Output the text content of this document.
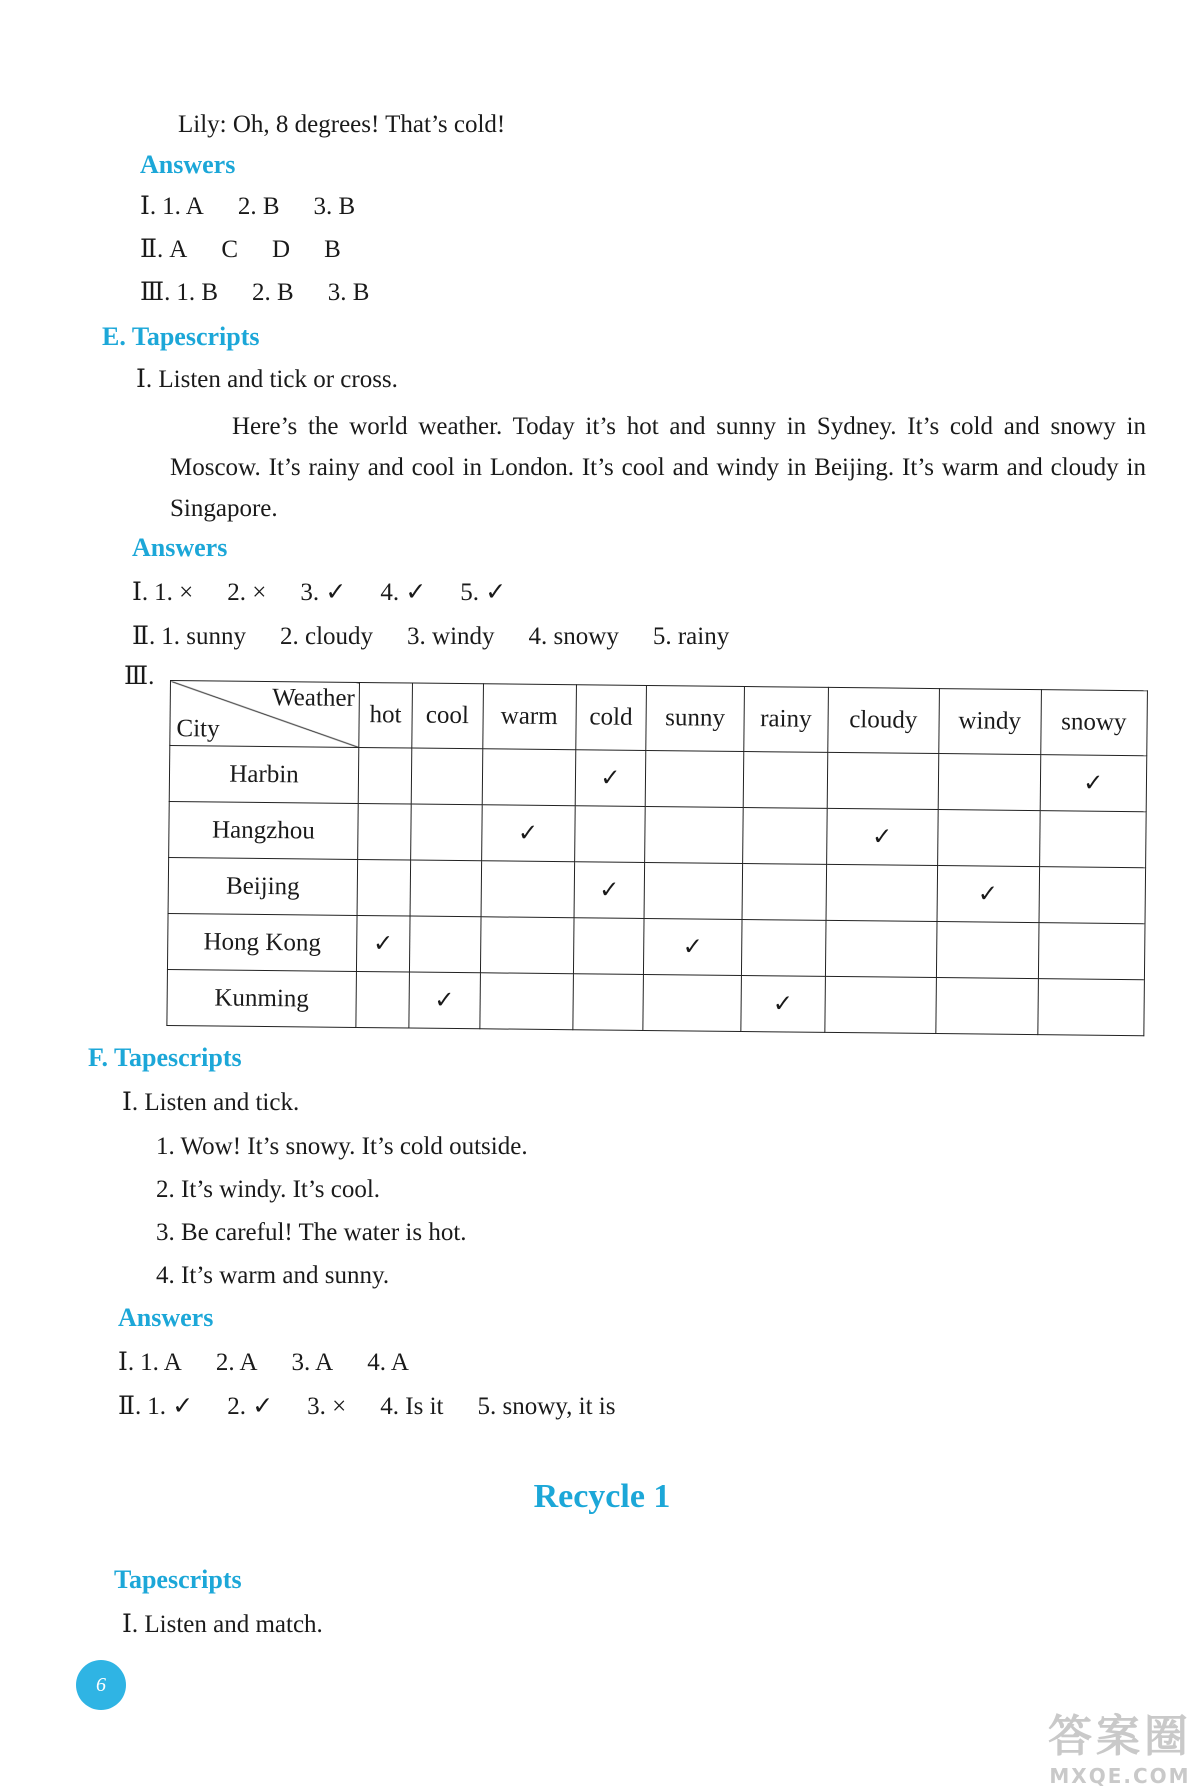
Lily: Oh, 8 degrees! That’s cold!
Answers
Ⅰ. 1. A 2. B 3. B
Ⅱ. A C D B
Ⅲ. 1. B 2. B 3. B
E. Tapescripts
Ⅰ. Listen and tick or cross.
Here’s the world weather. Today it’s hot and sunny in Sydney. It’s cold and snowy in Moscow. It’s rainy and cool in London. It’s cool and windy in Beijing. It’s warm and cloudy in Singapore.
Answers
Ⅰ. 1. × 2. × 3. ✓ 4. ✓ 5. ✓
Ⅱ. 1. sunny 2. cloudy 3. windy 4. snowy 5. rainy
Ⅲ.
Weather
City	hot	cool	warm	cold	sunny	rainy	cloudy	windy	snowy
Harbin				✓					✓
Hangzhou			✓				✓		
Beijing				✓				✓	
Hong Kong	✓				✓				
Kunming		✓				✓			
F. Tapescripts
Ⅰ. Listen and tick.
1. Wow! It’s snowy. It’s cold outside.
2. It’s windy. It’s cool.
3. Be careful! The water is hot.
4. It’s warm and sunny.
Answers
Ⅰ. 1. A 2. A 3. A 4. A
Ⅱ. 1. ✓ 2. ✓ 3. × 4. Is it 5. snowy, it is
Recycle 1
Tapescripts
Ⅰ. Listen and match.
6
答案圈
MXQE.COM
